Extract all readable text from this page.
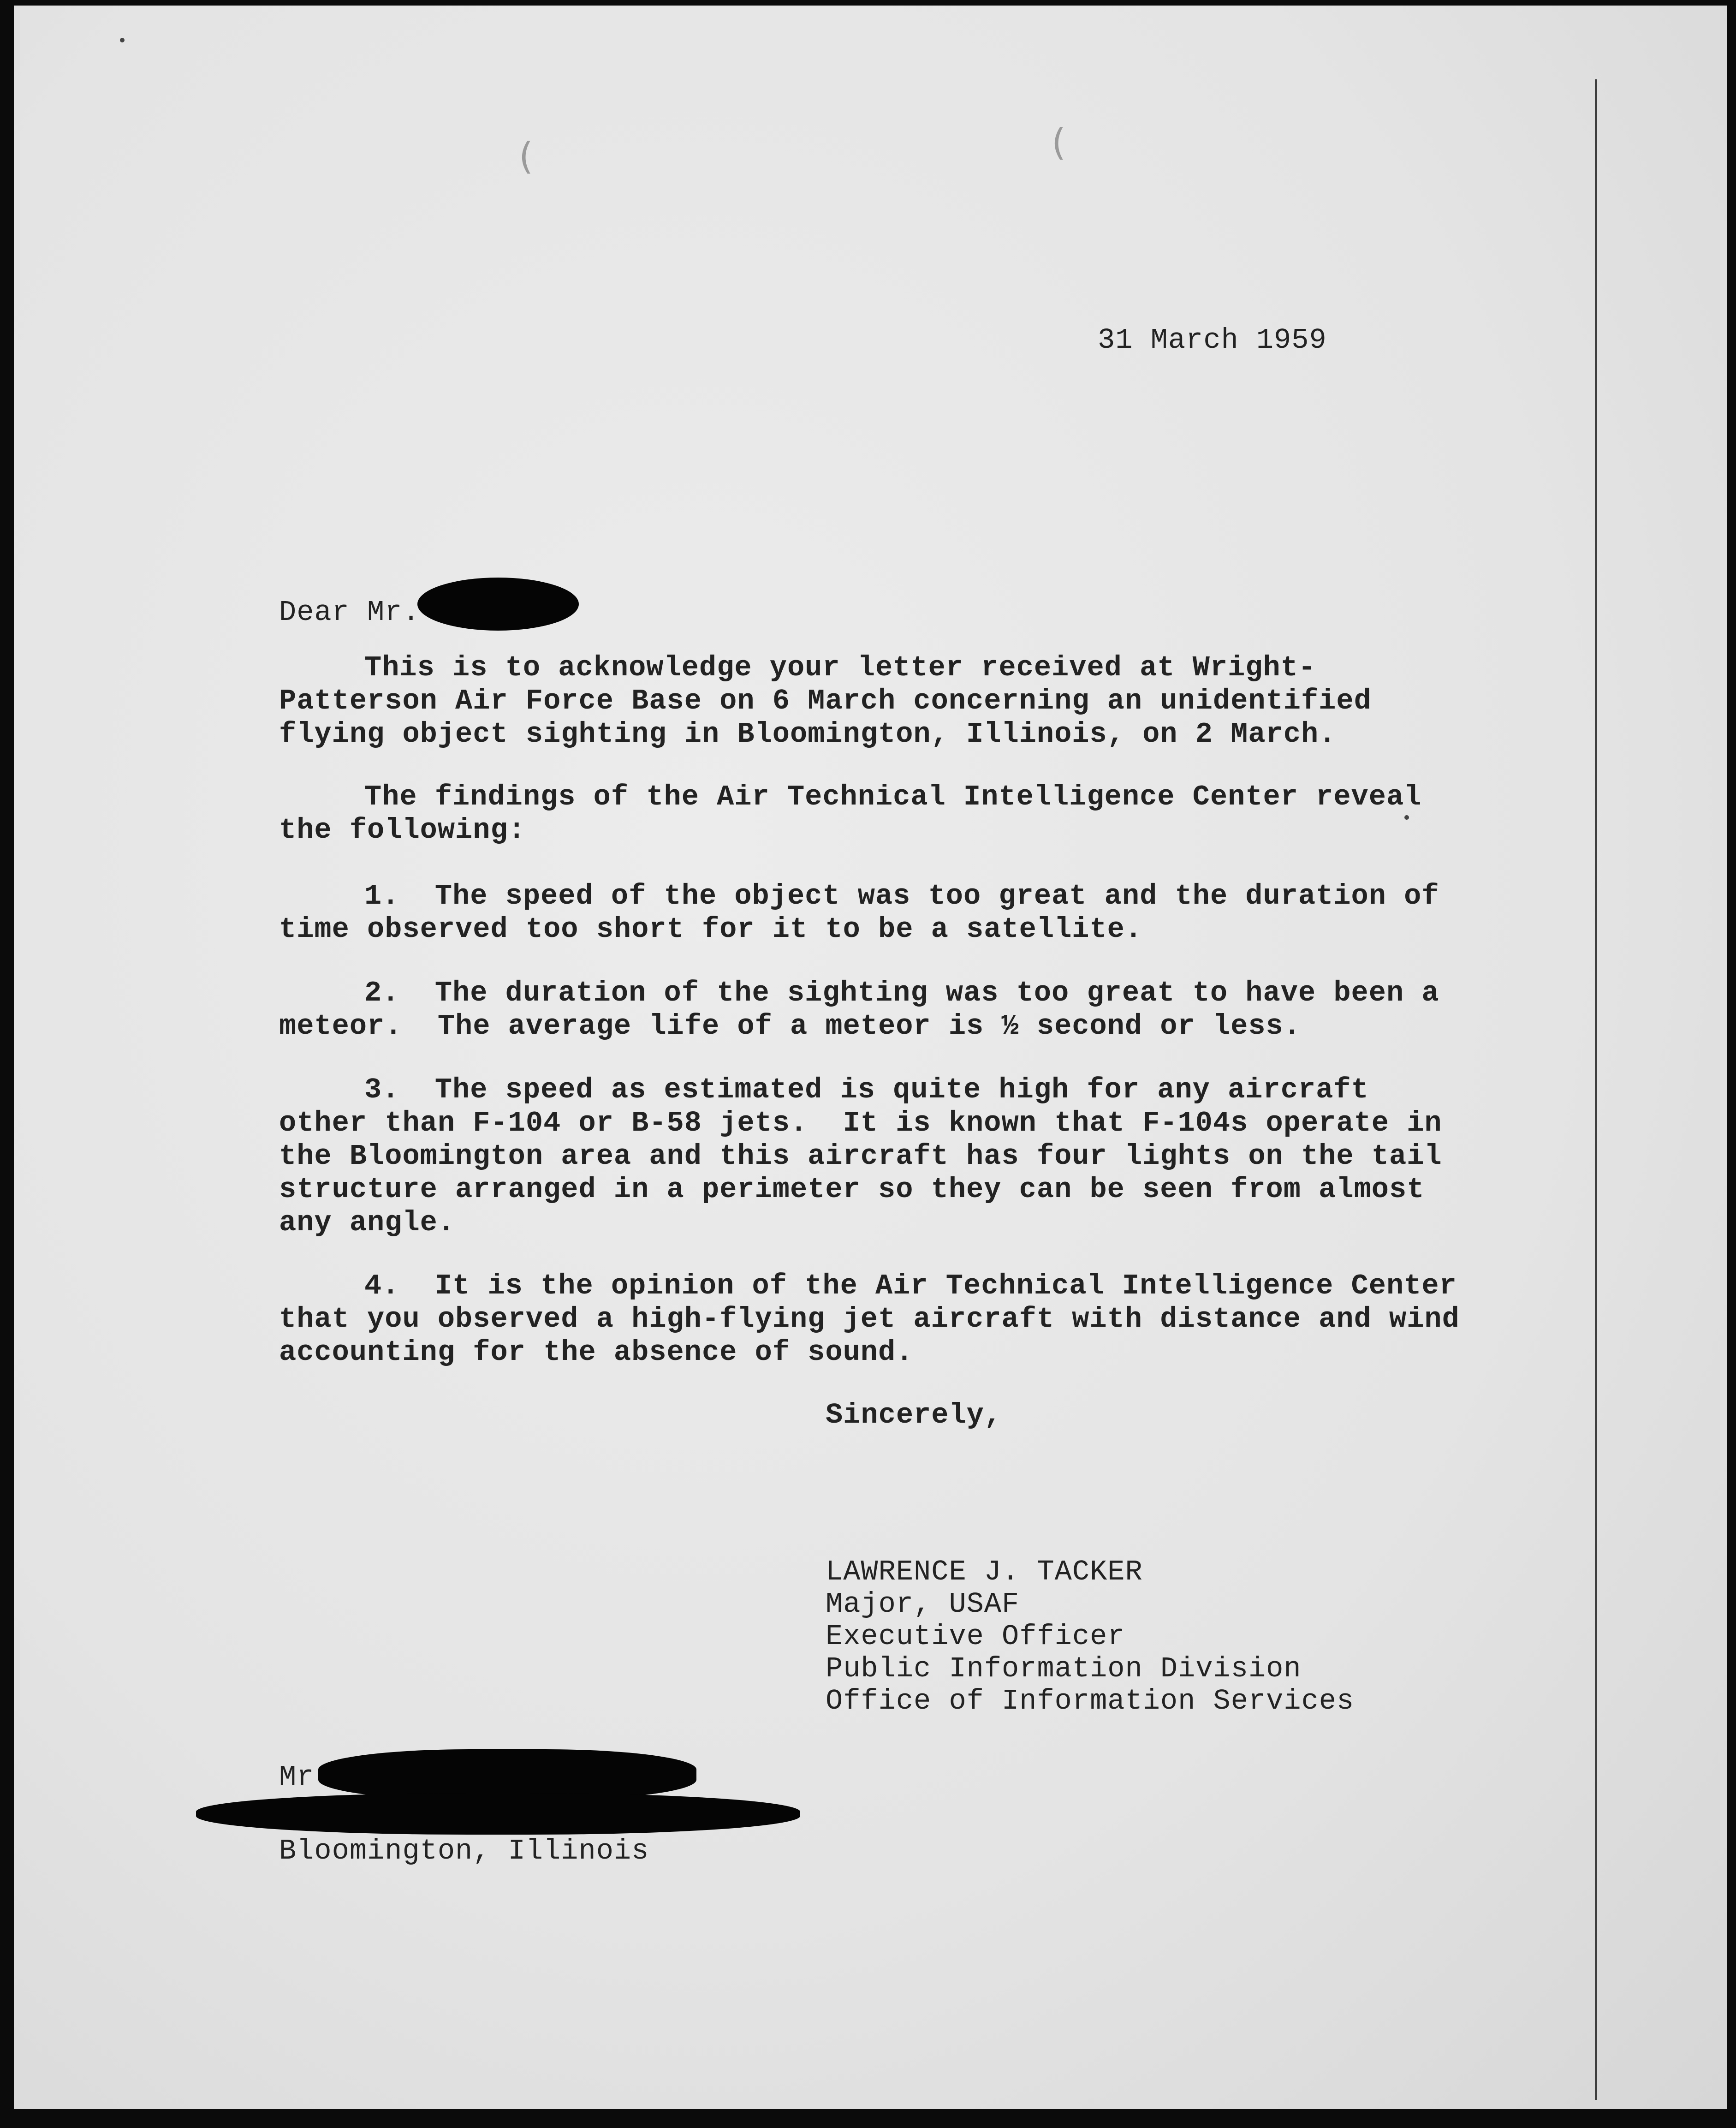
(	(
31 March 1959
Dear Mr.
This is to acknowledge your letter received at Wright-
Patterson Air Force Base on 6 March concerning an unidentified
flying object sighting in Bloomington, Illinois, on 2 March.
The findings of the Air Technical Intelligence Center reveal
the following:
1.  The speed of the object was too great and the duration of
time observed too short for it to be a satellite.
2.  The duration of the sighting was too great to have been a
meteor.  The average life of a meteor is ½ second or less.
3.  The speed as estimated is quite high for any aircraft
other than F-104 or B-58 jets.  It is known that F-104s operate in
the Bloomington area and this aircraft has four lights on the tail
structure arranged in a perimeter so they can be seen from almost
any angle.
4.  It is the opinion of the Air Technical Intelligence Center
that you observed a high-flying jet aircraft with distance and wind
accounting for the absence of sound.
Sincerely,
LAWRENCE J. TACKER
Major, USAF
Executive Officer
Public Information Division
Office of Information Services
Mr
Bloomington, Illinois
